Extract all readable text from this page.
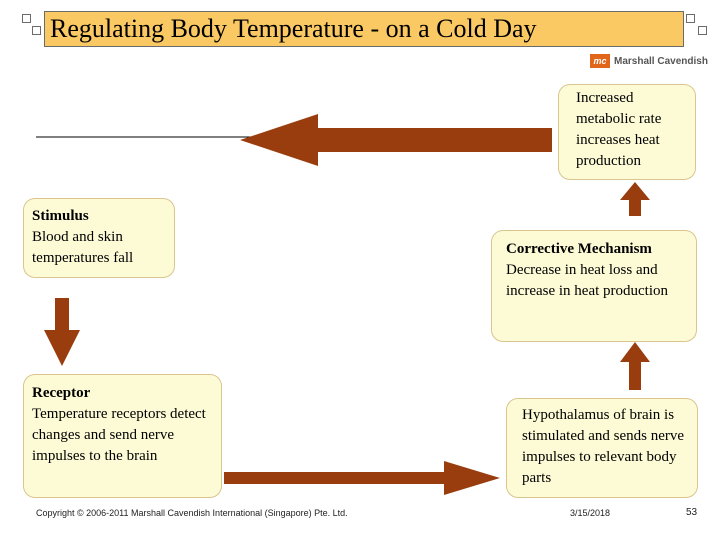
Regulating Body Temperature - on a Cold Day
mc Marshall Cavendish
Increased metabolic rate increases heat production
Stimulus
Blood and skin temperatures fall
Corrective Mechanism
Decrease in heat loss and increase in heat production
Receptor
Temperature receptors detect changes and send nerve impulses to the brain
Hypothalamus of brain is stimulated and sends nerve impulses to relevant body parts
Copyright © 2006-2011 Marshall Cavendish International (Singapore) Pte. Ltd.	3/15/2018	53
